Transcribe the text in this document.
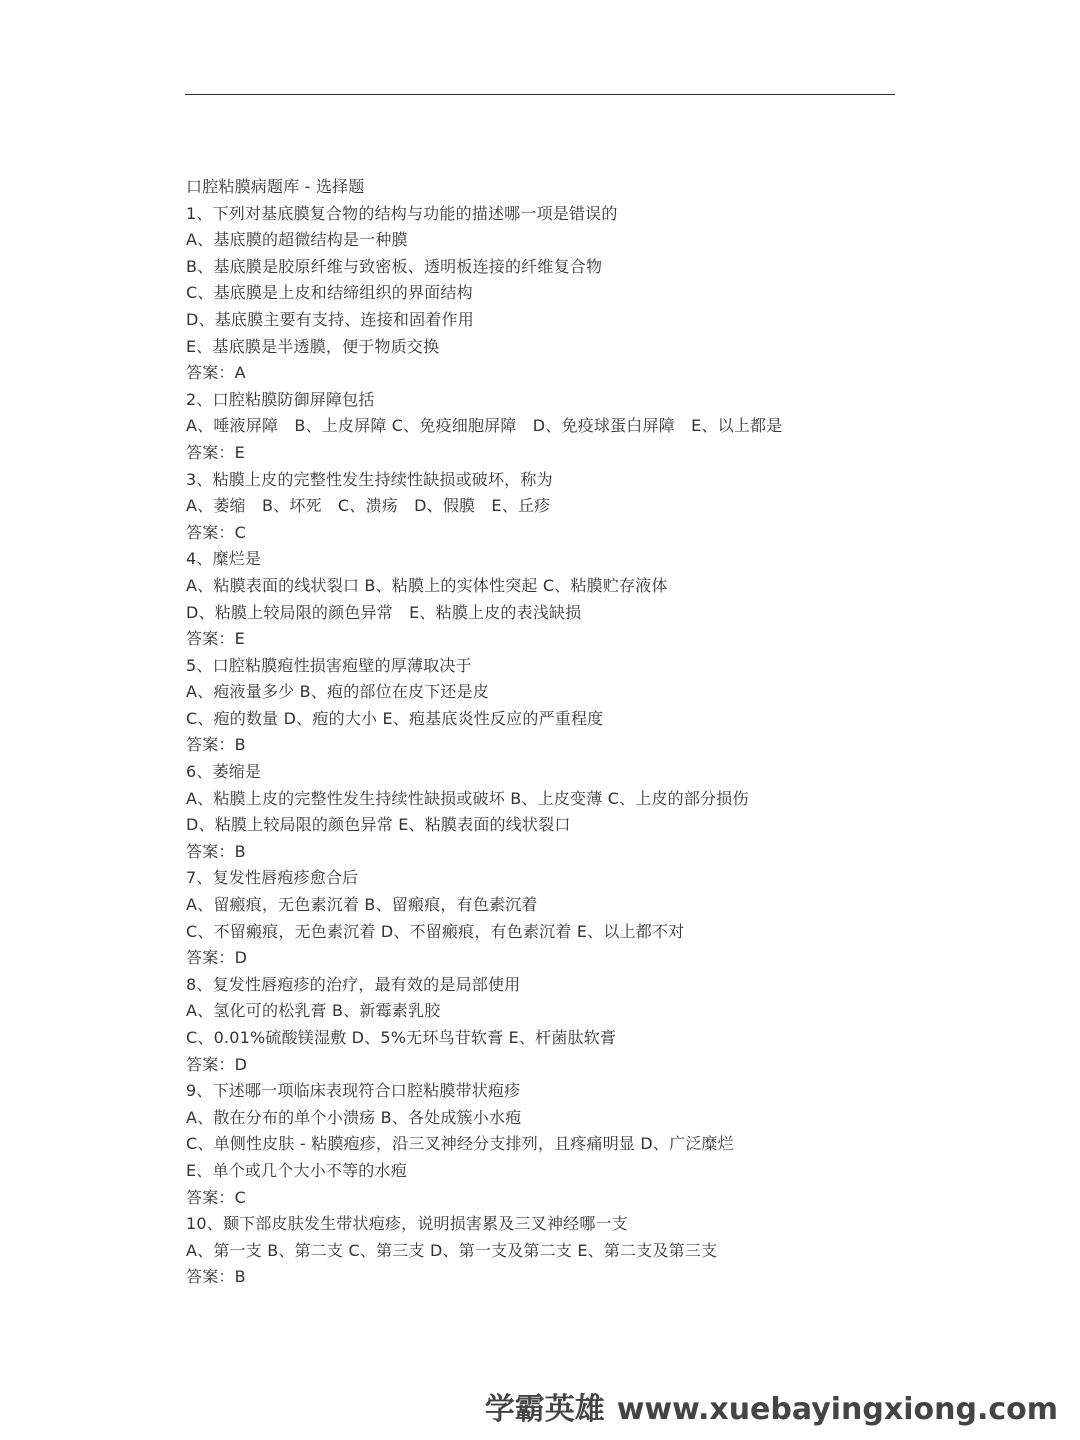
口腔粘膜病题库 - 选择题
1、下列对基底膜复合物的结构与功能的描述哪一项是错误的
A、基底膜的超微结构是一种膜
B、基底膜是胶原纤维与致密板、透明板连接的纤维复合物
C、基底膜是上皮和结缔组织的界面结构
D、基底膜主要有支持、连接和固着作用
E、基底膜是半透膜，便于物质交换
答案：A
2、口腔粘膜防御屏障包括
A、唾液屏障　B、上皮屏障 C、免疫细胞屏障　D、免疫球蛋白屏障　E、以上都是
答案：E
3、粘膜上皮的完整性发生持续性缺损或破坏，称为
A、萎缩　B、坏死　C、溃疡　D、假膜　E、丘疹
答案：C
4、糜烂是
A、粘膜表面的线状裂口 B、粘膜上的实体性突起 C、粘膜贮存液体
D、粘膜上较局限的颜色异常　E、粘膜上皮的表浅缺损
答案：E
5、口腔粘膜疱性损害疱壁的厚薄取决于
A、疱液量多少 B、疱的部位在皮下还是皮
C、疱的数量 D、疱的大小 E、疱基底炎性反应的严重程度
答案：B
6、萎缩是
A、粘膜上皮的完整性发生持续性缺损或破坏 B、上皮变薄 C、上皮的部分损伤
D、粘膜上较局限的颜色异常 E、粘膜表面的线状裂口
答案：B
7、复发性唇疱疹愈合后
A、留瘢痕，无色素沉着 B、留瘢痕，有色素沉着
C、不留瘢痕，无色素沉着 D、不留瘢痕，有色素沉着 E、以上都不对
答案：D
8、复发性唇疱疹的治疗，最有效的是局部使用
A、氢化可的松乳膏 B、新霉素乳胶
C、0.01%硫酸镁湿敷 D、5%无环鸟苷软膏 E、杆菌肽软膏
答案：D
9、下述哪一项临床表现符合口腔粘膜带状疱疹
A、散在分布的单个小溃疡 B、各处成簇小水疱
C、单侧性皮肤 - 粘膜疱疹，沿三叉神经分支排列，且疼痛明显 D、广泛糜烂
E、单个或几个大小不等的水疱
答案：C
10、颞下部皮肤发生带状疱疹，说明损害累及三叉神经哪一支
A、第一支 B、第二支 C、第三支 D、第一支及第二支 E、第二支及第三支
答案：B
学霸英雄 www.xuebayingxiong.com
